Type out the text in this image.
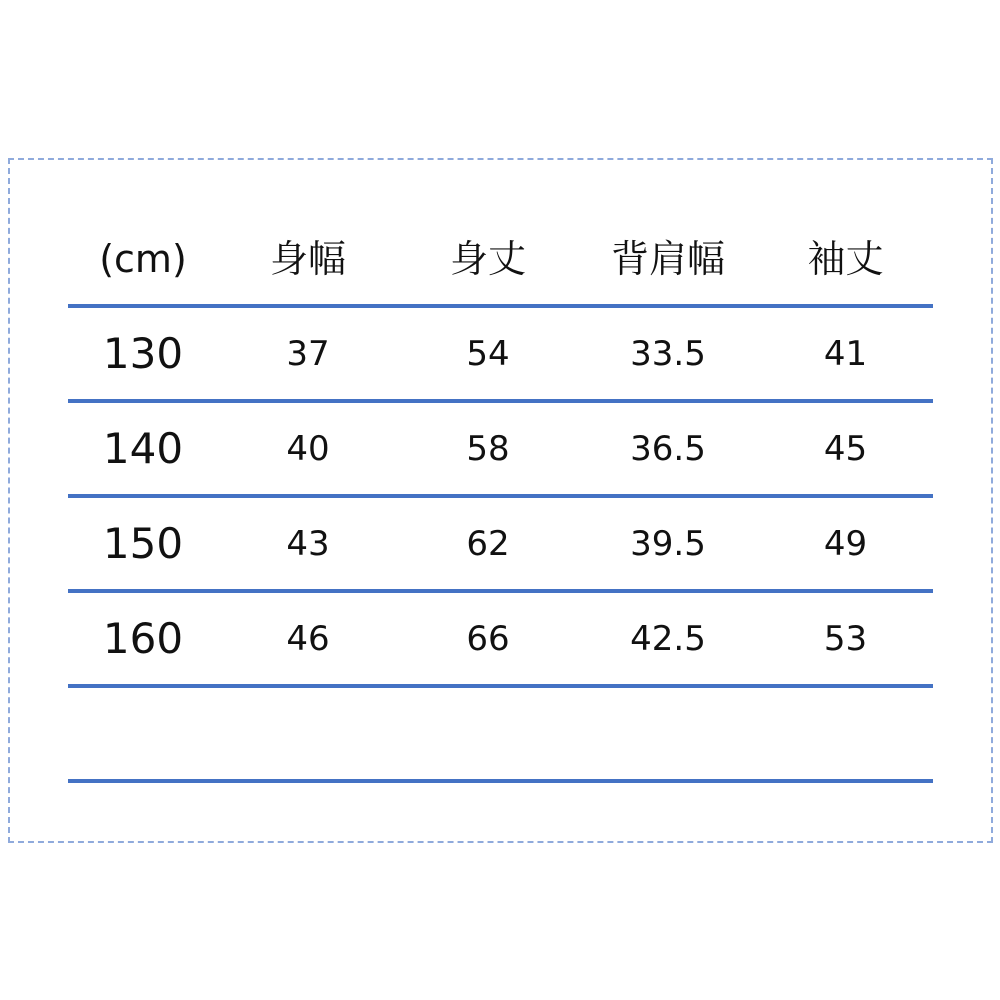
(cm)	身幅	身丈	背肩幅	袖丈
130	37	54	33.5	41
140	40	58	36.5	45
150	43	62	39.5	49
160	46	66	42.5	53
